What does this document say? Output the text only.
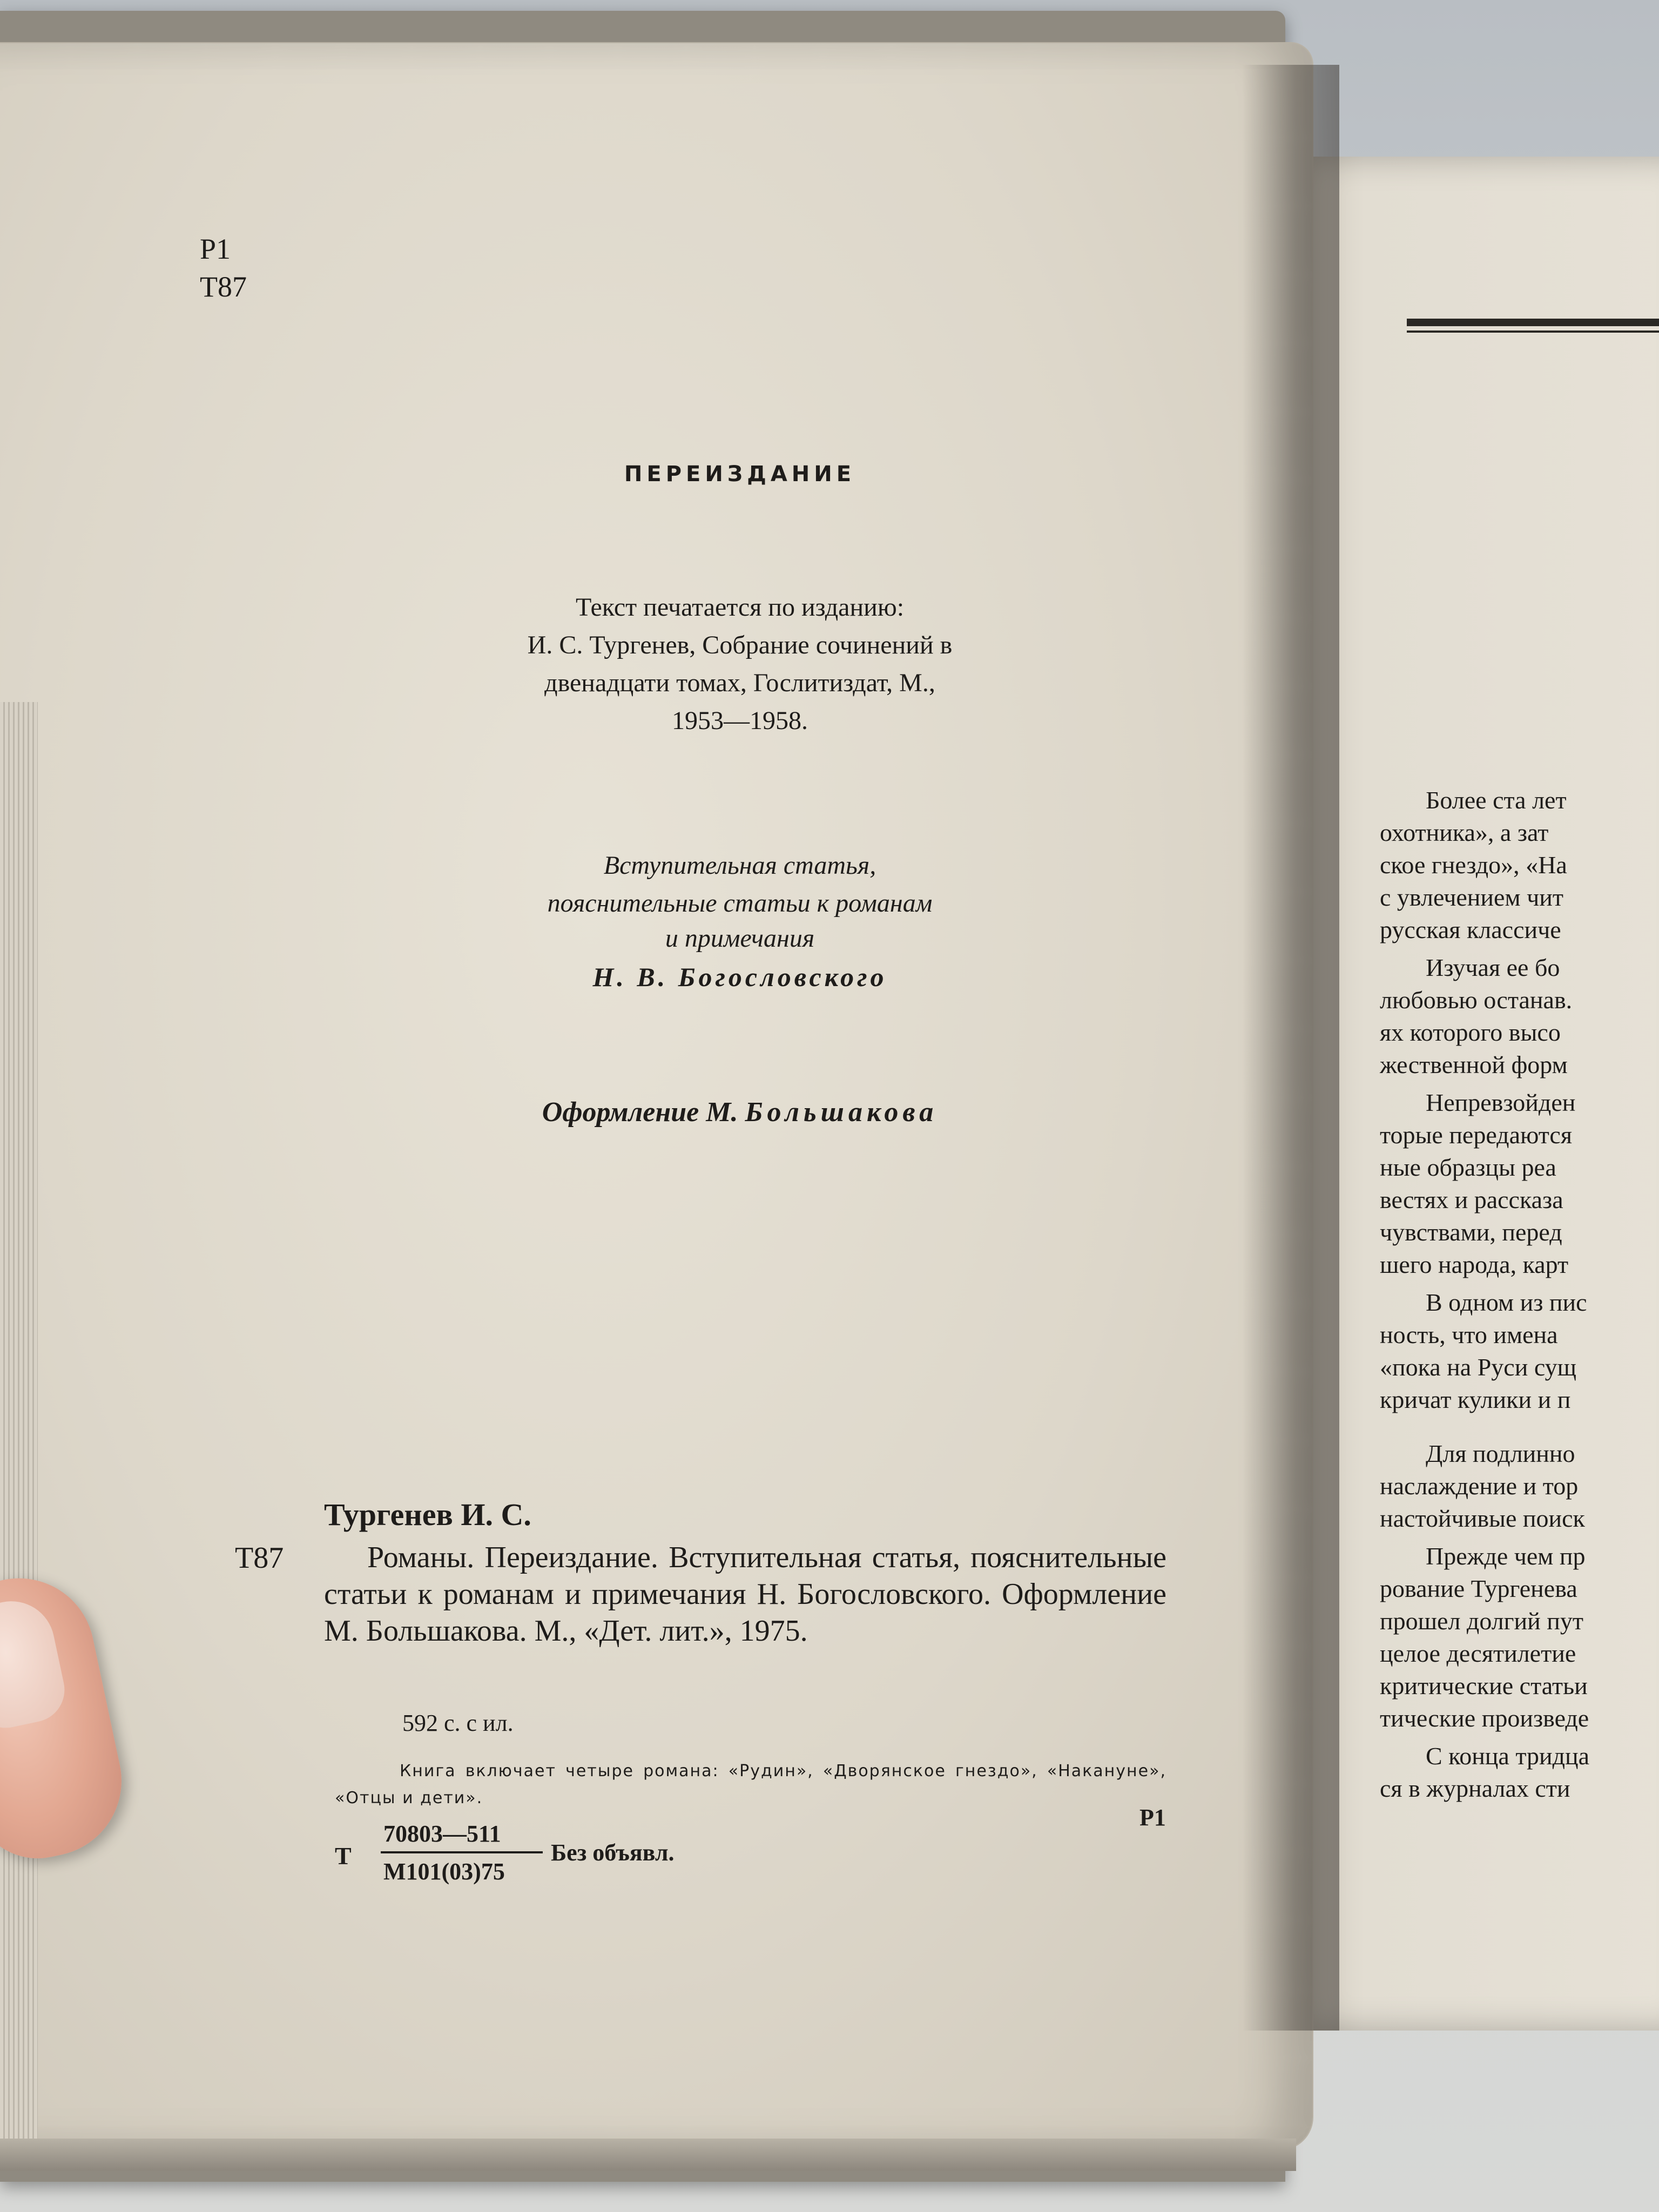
Р1
Т87
ПЕРЕИЗДАНИЕ
Текст печатается по изданию:
И. С. Тургенев, Собрание сочинений в
двенадцати томах, Гослитиздат, М.,
1953—1958.
Вступительная статья,
пояснительные статьи к романам
и примечания
Н. В. Богословского
Оформление М. Большакова
Тургенев И. С.
Т87	Романы. Переиздание. Вступительная статья, пояснительные статьи к романам и примечания Н. Богословского. Оформление М. Большакова. М., «Дет. лит.», 1975.
592 с. с ил.
Книга включает четыре романа: «Рудин», «Дворянское гнездо», «Накануне», «Отцы и дети».
Р1
Т
70803—511
М101(03)75
Без объявл.
Более ста лет
охотника», а зат
ское гнездо», «На
с увлечением чит
русская классиче
Изучая ее бо
любовью останав.
ях которого высо
жественной форм
Непревзойден
торые передаются
ные образцы реа
вестях и рассказа
чувствами, перед
шего народа, карт
В одном из пис
ность, что имена
«пока на Руси сущ
кричат кулики и п
Для подлинно
наслаждение и тор
настойчивые поиск
Прежде чем пр
рование Тургенева
прошел долгий пут
целое десятилетие
критические статьи
тические произведе
С конца тридца
ся в журналах сти
